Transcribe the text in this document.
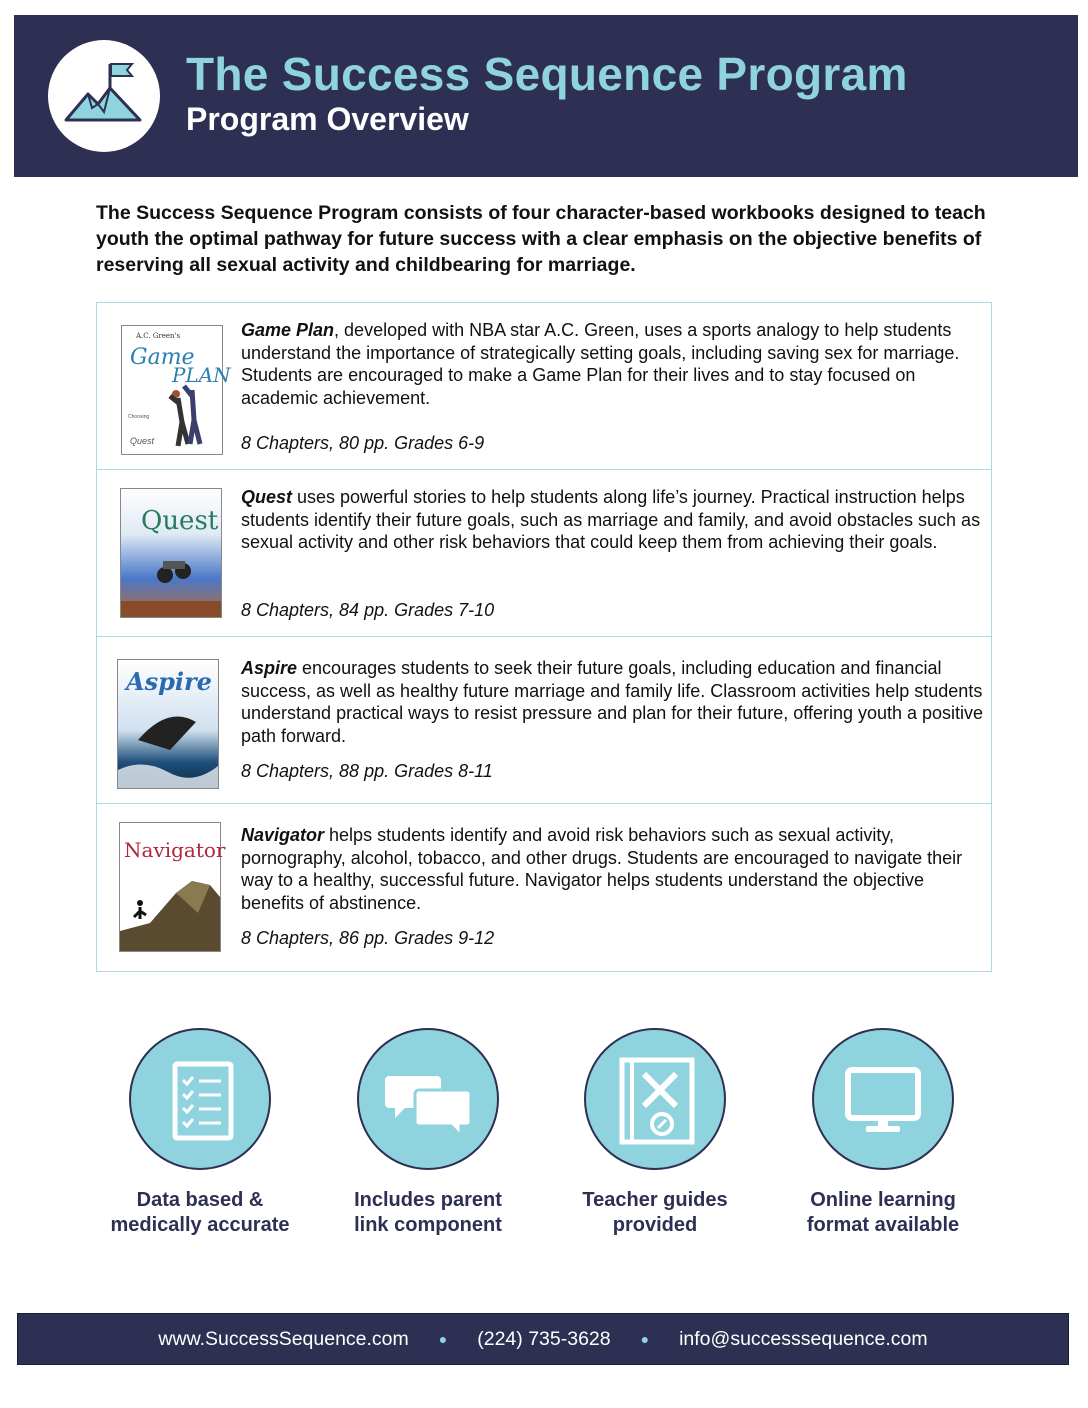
The Success Sequence Program
Program Overview

The Success Sequence Program consists of four character-based workbooks designed to teach youth the optimal pathway for future success with a clear emphasis on the objective benefits of reserving all sexual activity and childbearing for marriage.

A.C. Green's
Game
PLAN
Choosing
Quest
Game Plan, developed with NBA star A.C. Green, uses a sports analogy to help students understand the importance of strategically setting goals, including saving sex for marriage. Students are encouraged to make a Game Plan for their lives and to stay focused on academic achievement.
8 Chapters, 80 pp. Grades 6-9
Quest
Quest uses powerful stories to help students along life’s journey. Practical instruction helps students identify their future goals, such as marriage and family, and avoid obstacles such as sexual activity and other risk behaviors that could keep them from achieving their goals.
8 Chapters, 84 pp. Grades 7-10
Aspire Aspire encourages students to seek their future goals, including education and financial success, as well as healthy future marriage and family life. Classroom activities help students understand practical ways to resist pressure and plan for their future, offering youth a positive path forward.
8 Chapters, 88 pp. Grades 8-11
Navigator
Navigator helps students identify and avoid risk behaviors such as sexual activity, pornography, alcohol, tobacco, and other drugs. Students are encouraged to navigate their way to a healthy, successful future. Navigator helps students understand the objective benefits of abstinence.
8 Chapters, 86 pp. Grades 9-12
Data based &
medically accurate
Includes parent
link component
Teacher guides
provided
Online learning
format available
www.SuccessSequence.com ● (224) 735-3628 ● info@successsequence.com
